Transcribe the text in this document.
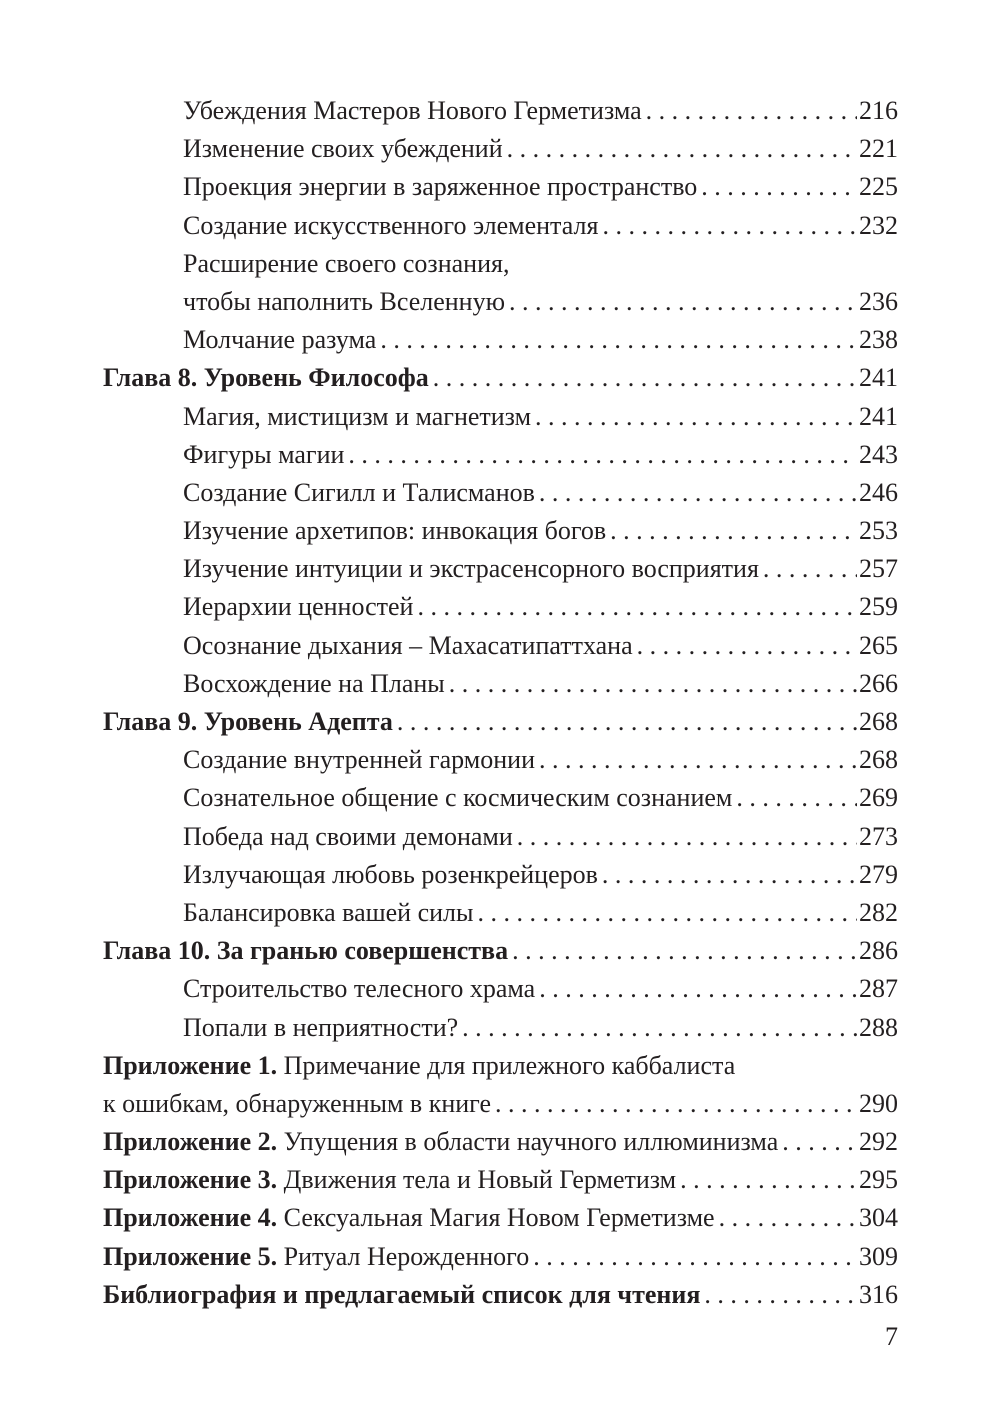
Убеждения Мастеров Нового Герметизма . . .	216
Изменение своих убеждений . . .	221
Проекция энергии в заряженное пространство . . .	225
Создание искусственного элементаля . . .	232
Расширение своего сознания,
чтобы наполнить Вселенную . . .	236
Молчание разума . . .	238
Глава 8. Уровень Философа . . .	241
Магия, мистицизм и магнетизм . . .	241
Фигуры магии . . .	243
Создание Сигилл и Талисманов . . .	246
Изучение архетипов: инвокация богов . . .	253
Изучение интуиции и экстрасенсорного восприятия . . .	257
Иерархии ценностей . . .	259
Осознание дыхания – Махасатипаттхана . . .	265
Восхождение на Планы . . .	266
Глава 9. Уровень Адепта . . .	268
Создание внутренней гармонии . . .	268
Сознательное общение с космическим сознанием . . .	269
Победа над своими демонами . . .	273
Излучающая любовь розенкрейцеров . . .	279
Балансировка вашей силы . . .	282
Глава 10. За гранью совершенства . . .	286
Строительство телесного храма . . .	287
Попали в неприятности? . . .	288
Приложение 1. Примечание для прилежного каббалиста
к ошибкам, обнаруженным в книге . . .	290
Приложение 2. Упущения в области научного иллюминизма . . .	292
Приложение 3. Движения тела и Новый Герметизм . . .	295
Приложение 4. Сексуальная Магия Новом Герметизме . . .	304
Приложение 5. Ритуал Нерожденного . . .	309
Библиография и предлагаемый список для чтения . . .	316
7
